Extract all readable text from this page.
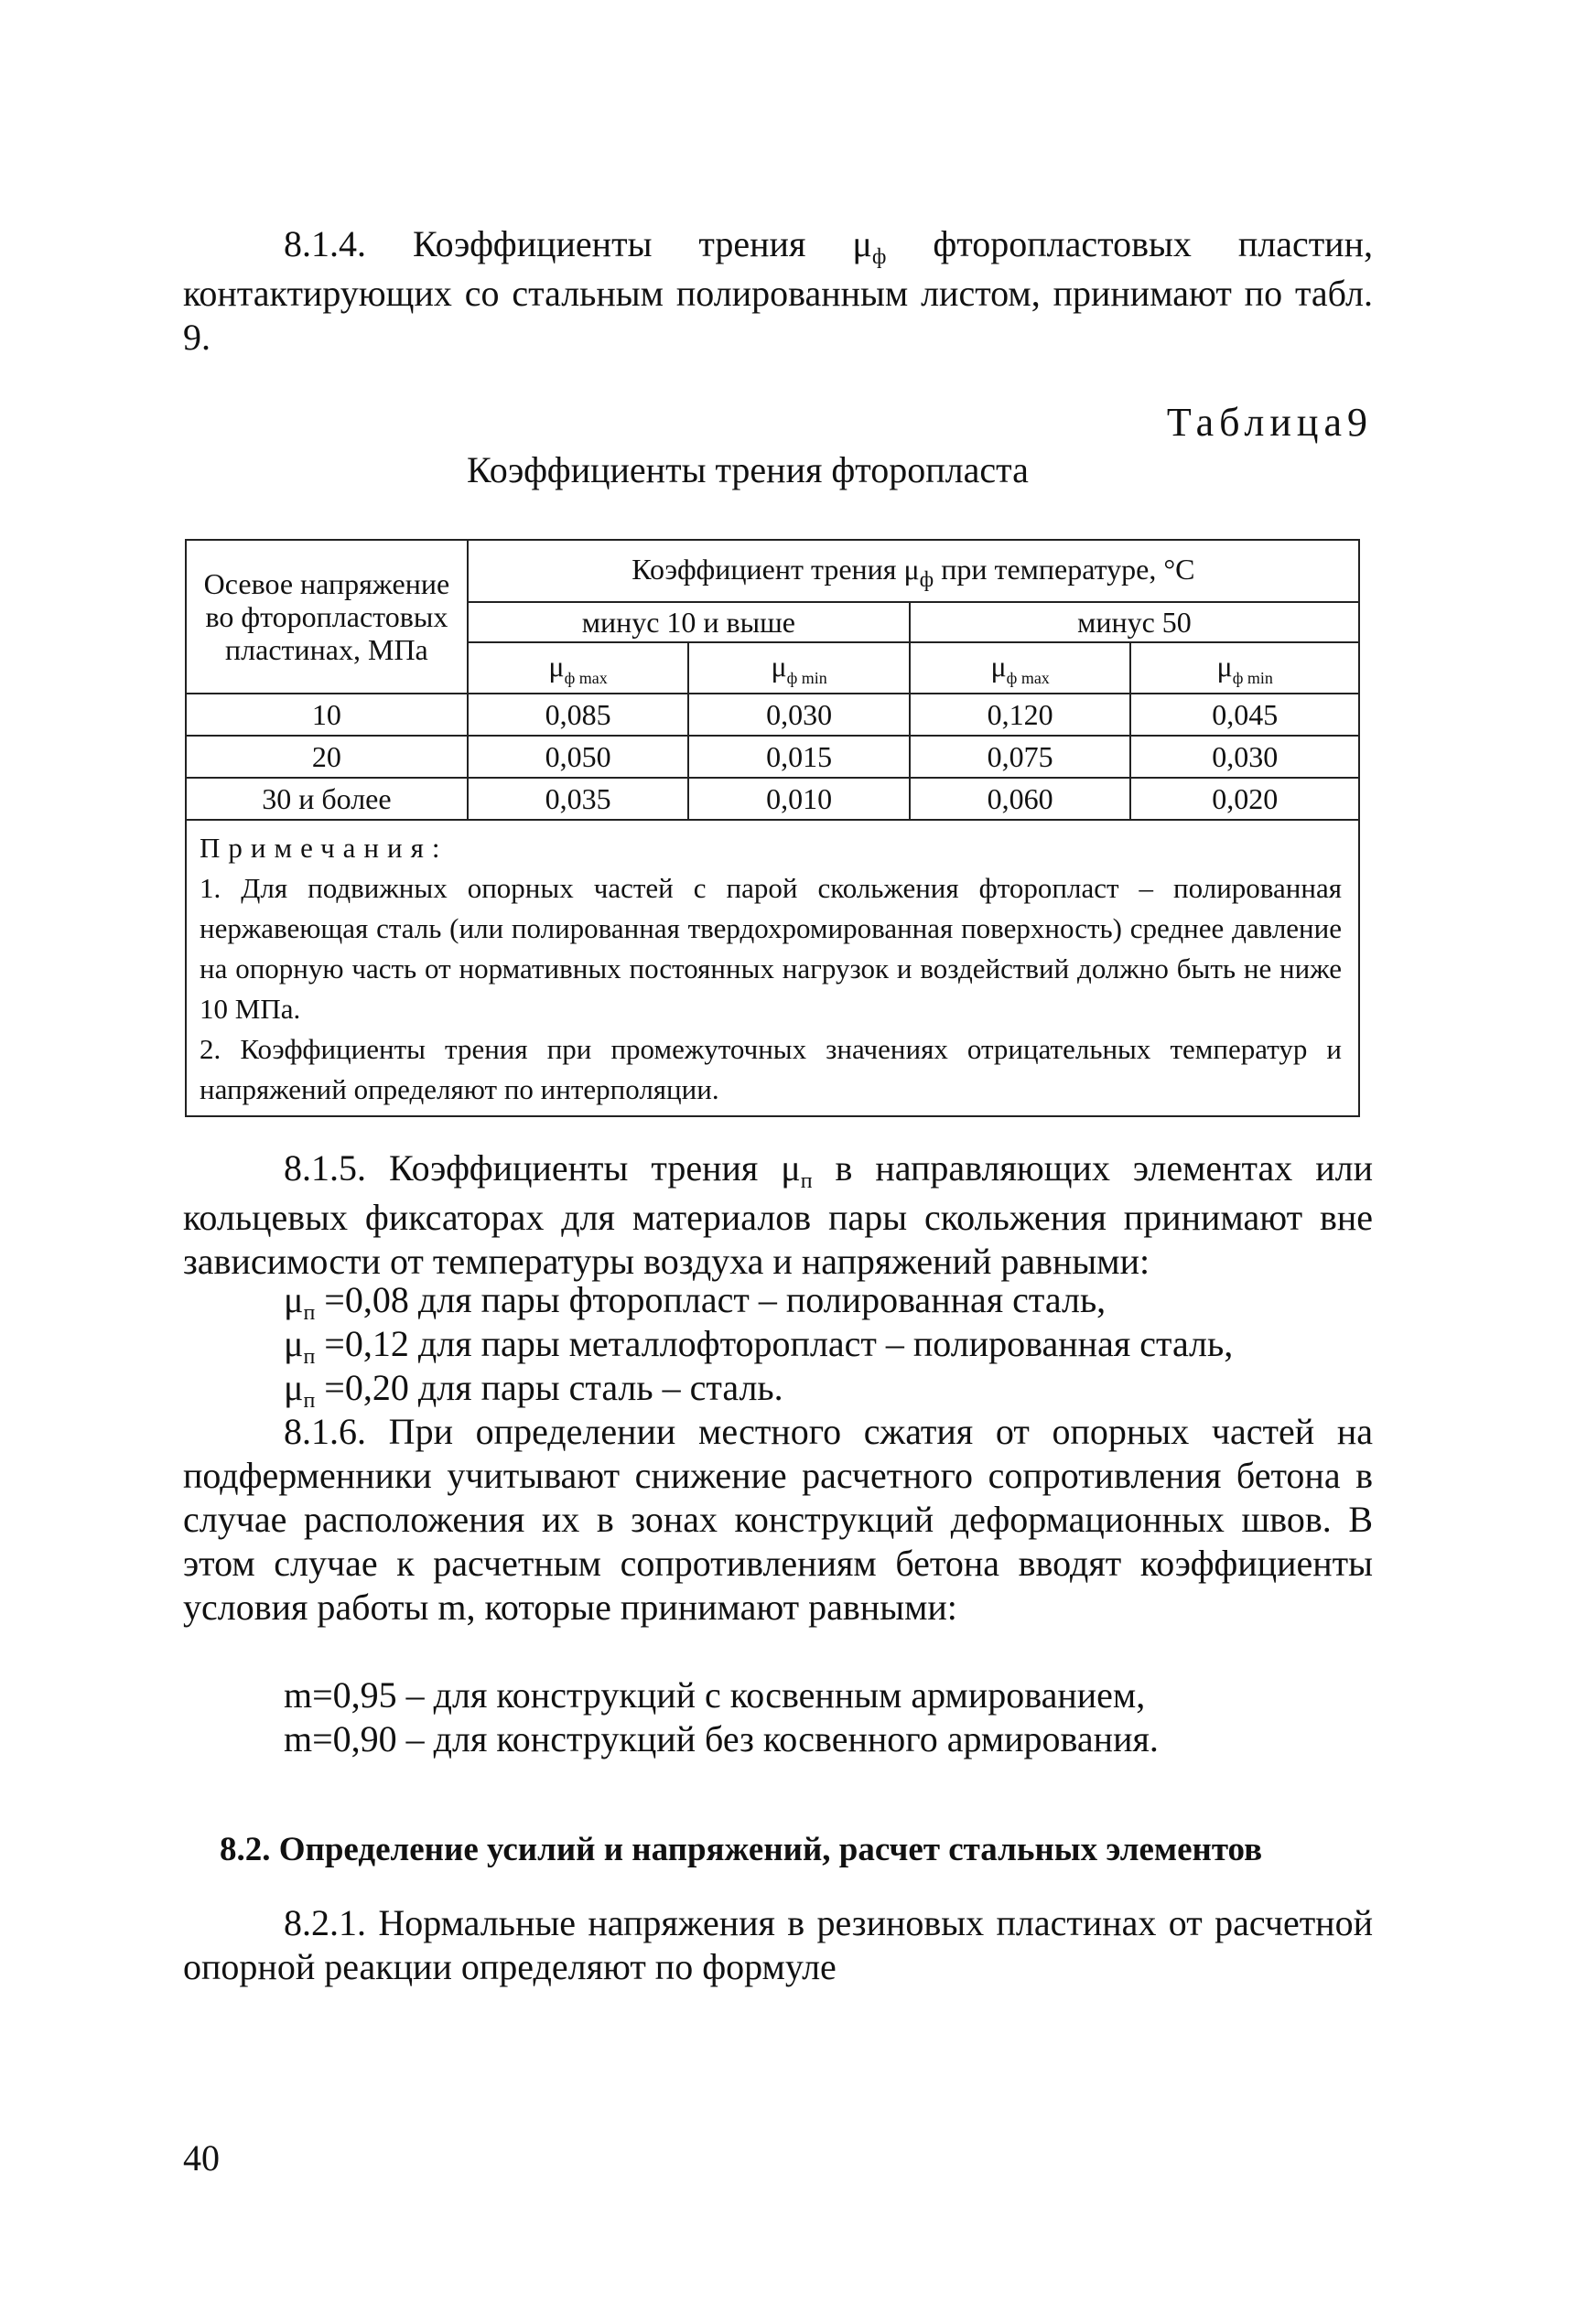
8.1.4. Коэффициенты трения $\mu_ф$ фторопластовых пластин, контактирующих со стальным полированным листом, принимают по табл. 9.

Таблица9
Коэффициенты трения фторопласта
Осевое напряжение во фторопластовых пластинах, МПа	Коэффициент трения $\mu_ф$ при температуре, °С			
	минус 10 и выше		минус 50	
	$\mu_{ф max}$	$\mu_{ф min}$	$\mu_{ф max}$	$\mu_{ф min}$
10	0,085	0,030	0,120	0,045
20	0,050	0,015	0,075	0,030
30 и более	0,035	0,010	0,060	0,020

Примечания:
1. Для подвижных опорных частей с парой скольжения фторопласт – полированная нержавеющая сталь (или полированная твердохромированная поверхность) среднее давление на опорную часть от нормативных постоянных нагрузок и воздействий должно быть не ниже 10 МПа.
2. Коэффициенты трения при промежуточных значениях отрицательных температур и напряжений определяют по интерполяции.				

8.1.5. Коэффициенты трения $\mu_п$ в направляющих элементах или кольцевых фиксаторах для материалов пары скольжения принимают вне зависимости от температуры воздуха и напряжений равными:

$\mu_п =0,08$ для пары фторопласт – полированная сталь,
$\mu_п =0,12$ для пары металлофторопласт – полированная сталь,
$\mu_п =0,20$ для пары сталь – сталь.

8.1.6. При определении местного сжатия от опорных частей на подферменники учитывают снижение расчетного сопротивления бетона в случае расположения их в зонах конструкций деформационных швов. В этом случае к расчетным сопротивлениям бетона вводят коэффициенты условия работы m, которые принимают равными:

m=0,95 – для конструкций с косвенным армированием,
m=0,90 – для конструкций без косвенного армирования.
8.2. Определение усилий и напряжений, расчет стальных элементов

8.2.1. Нормальные напряжения в резиновых пластинах от расчетной опорной реакции определяют по формуле

40
